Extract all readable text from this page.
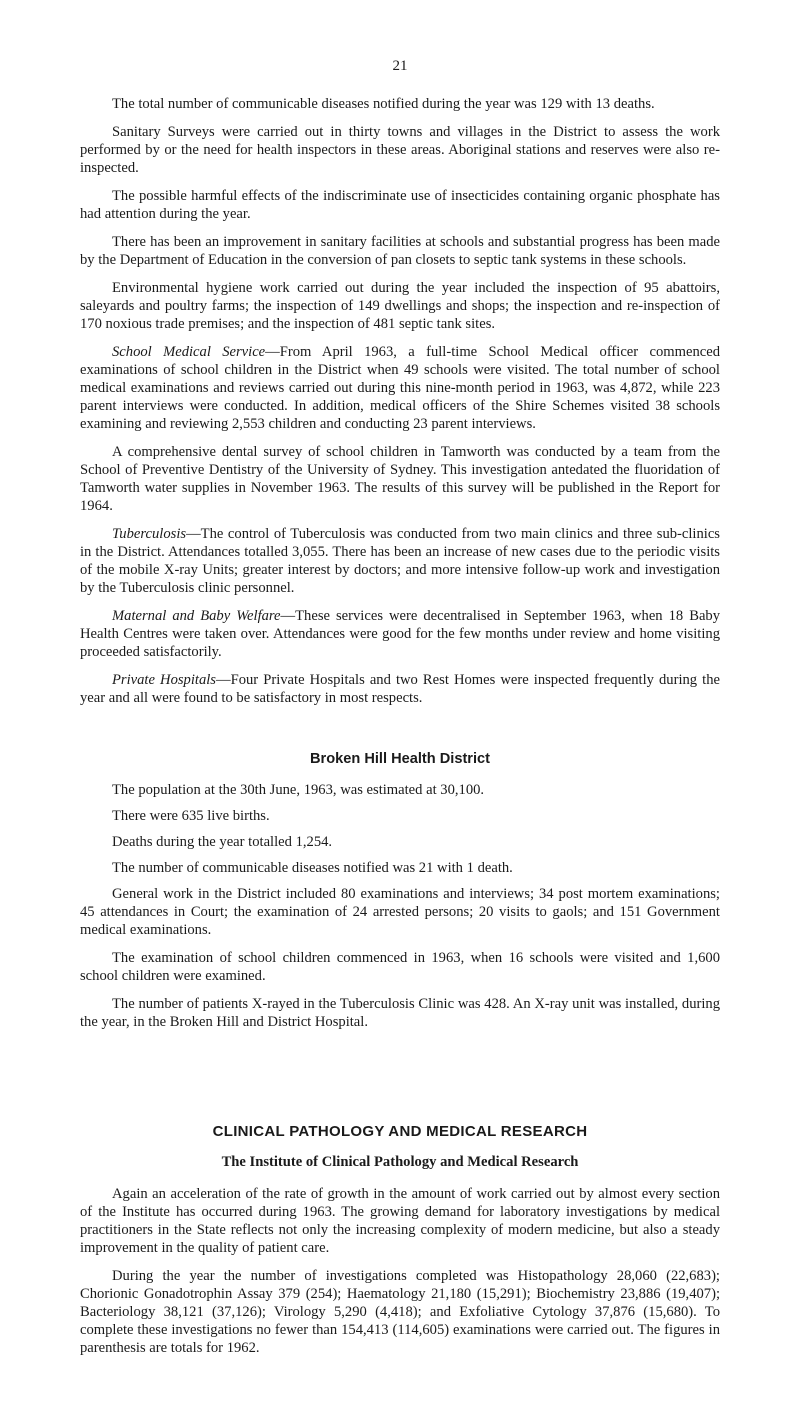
21

The total number of communicable diseases notified during the year was 129 with 13 deaths.

Sanitary Surveys were carried out in thirty towns and villages in the District to assess the work performed by or the need for health inspectors in these areas. Aboriginal stations and reserves were also re-inspected.

The possible harmful effects of the indiscriminate use of insecticides containing organic phosphate has had attention during the year.

There has been an improvement in sanitary facilities at schools and substantial progress has been made by the Department of Education in the conversion of pan closets to septic tank systems in these schools.

Environmental hygiene work carried out during the year included the inspection of 95 abattoirs, saleyards and poultry farms; the inspection of 149 dwellings and shops; the inspection and re-inspection of 170 noxious trade premises; and the inspection of 481 septic tank sites.

School Medical Service—From April 1963, a full-time School Medical officer commenced examinations of school children in the District when 49 schools were visited. The total number of school medical examinations and reviews carried out during this nine-month period in 1963, was 4,872, while 223 parent interviews were conducted. In addition, medical officers of the Shire Schemes visited 38 schools examining and reviewing 2,553 children and conducting 23 parent interviews.

A comprehensive dental survey of school children in Tamworth was conducted by a team from the School of Preventive Dentistry of the University of Sydney. This investigation antedated the fluoridation of Tamworth water supplies in November 1963. The results of this survey will be published in the Report for 1964.

Tuberculosis—The control of Tuberculosis was conducted from two main clinics and three sub-clinics in the District. Attendances totalled 3,055. There has been an increase of new cases due to the periodic visits of the mobile X-ray Units; greater interest by doctors; and more intensive follow-up work and investigation by the Tuberculosis clinic personnel.

Maternal and Baby Welfare—These services were decentralised in September 1963, when 18 Baby Health Centres were taken over. Attendances were good for the few months under review and home visiting proceeded satisfactorily.

Private Hospitals—Four Private Hospitals and two Rest Homes were inspected frequently during the year and all were found to be satisfactory in most respects.

Broken Hill Health District

The population at the 30th June, 1963, was estimated at 30,100.

There were 635 live births.

Deaths during the year totalled 1,254.

The number of communicable diseases notified was 21 with 1 death.

General work in the District included 80 examinations and interviews; 34 post mortem examinations; 45 attendances in Court; the examination of 24 arrested persons; 20 visits to gaols; and 151 Government medical examinations.

The examination of school children commenced in 1963, when 16 schools were visited and 1,600 school children were examined.

The number of patients X-rayed in the Tuberculosis Clinic was 428. An X-ray unit was installed, during the year, in the Broken Hill and District Hospital.

CLINICAL PATHOLOGY AND MEDICAL RESEARCH
The Institute of Clinical Pathology and Medical Research

Again an acceleration of the rate of growth in the amount of work carried out by almost every section of the Institute has occurred during 1963. The growing demand for laboratory investigations by medical practitioners in the State reflects not only the increasing complexity of modern medicine, but also a steady improvement in the quality of patient care.

During the year the number of investigations completed was Histopathology 28,060 (22,683); Chorionic Gonadotrophin Assay 379 (254); Haematology 21,180 (15,291); Biochemistry 23,886 (19,407); Bacteriology 38,121 (37,126); Virology 5,290 (4,418); and Exfoliative Cytology 37,876 (15,680). To complete these investigations no fewer than 154,413 (114,605) examinations were carried out. The figures in parenthesis are totals for 1962.
